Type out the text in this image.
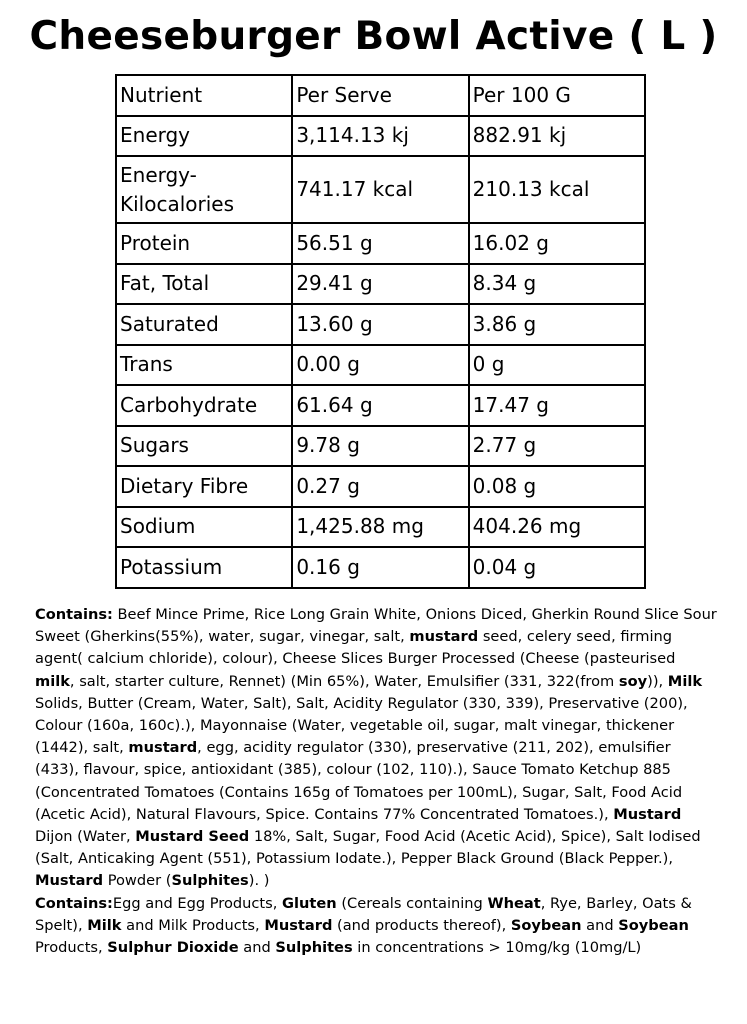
Cheeseburger Bowl Active ( L )
Nutrient	Per Serve	Per 100 G
Energy	3,114.13 kj	882.91 kj
Energy-Kilocalories	741.17 kcal	210.13 kcal
Protein	56.51 g	16.02 g
Fat, Total	29.41 g	8.34 g
Saturated	13.60 g	3.86 g
Trans	0.00 g	0 g
Carbohydrate	61.64 g	17.47 g
Sugars	9.78 g	2.77 g
Dietary Fibre	0.27 g	0.08 g
Sodium	1,425.88 mg	404.26 mg
Potassium	0.16 g	0.04 g

Contains: Beef Mince Prime, Rice Long Grain White, Onions Diced, Gherkin Round Slice Sour Sweet (Gherkins(55%), water, sugar, vinegar, salt, mustard seed, celery seed, firming agent( calcium chloride), colour), Cheese Slices Burger Processed (Cheese (pasteurised milk, salt, starter culture, Rennet) (Min 65%), Water, Emulsifier (331, 322(from soy)), Milk Solids, Butter (Cream, Water, Salt), Salt, Acidity Regulator (330, 339), Preservative (200), Colour (160a, 160c).), Mayonnaise (Water, vegetable oil, sugar, malt vinegar, thickener (1442), salt, mustard, egg, acidity regulator (330), preservative (211, 202), emulsifier (433), flavour, spice, antioxidant (385), colour (102, 110).), Sauce Tomato Ketchup 885 (Concentrated Tomatoes (Contains 165g of Tomatoes per 100mL), Sugar, Salt, Food Acid (Acetic Acid), Natural Flavours, Spice. Contains 77% Concentrated Tomatoes.), Mustard Dijon (Water, Mustard Seed 18%, Salt, Sugar, Food Acid (Acetic Acid), Spice), Salt Iodised (Salt, Anticaking Agent (551), Potassium Iodate.), Pepper Black Ground (Black Pepper.), Mustard Powder (Sulphites). )

Contains:Egg and Egg Products, Gluten (Cereals containing Wheat, Rye, Barley, Oats & Spelt), Milk and Milk Products, Mustard (and products thereof), Soybean and Soybean Products, Sulphur Dioxide and Sulphites in concentrations > 10mg/kg (10mg/L)
